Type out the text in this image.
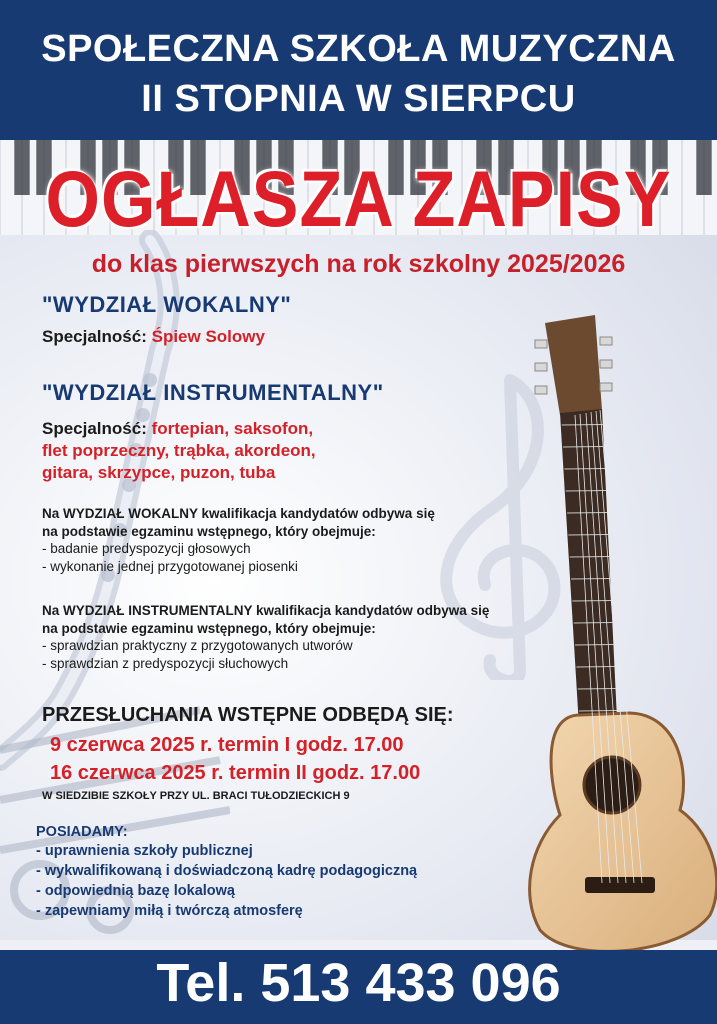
SPOŁECZNA SZKOŁA MUZYCZNA
II STOPNIA W SIERPCU
OGŁASZA ZAPISY
do klas pierwszych na rok szkolny 2025/2026
"WYDZIAŁ WOKALNY"
Specjalność: Śpiew Solowy
"WYDZIAŁ INSTRUMENTALNY"
Specjalność: fortepian, saksofon,
flet poprzeczny, trąbka, akordeon,
gitara, skrzypce, puzon, tuba
Na WYDZIAŁ WOKALNY kwalifikacja kandydatów odbywa się
na podstawie egzaminu wstępnego, który obejmuje:
- badanie predyspozycji głosowych
- wykonanie jednej przygotowanej piosenki
Na WYDZIAŁ INSTRUMENTALNY kwalifikacja kandydatów odbywa się
na podstawie egzaminu wstępnego, który obejmuje:
- sprawdzian praktyczny z przygotowanych utworów
- sprawdzian z predyspozycji słuchowych
PRZESŁUCHANIA WSTĘPNE ODBĘDĄ SIĘ:
9 czerwca 2025 r. termin I godz. 17.00
16 czerwca 2025 r. termin II godz. 17.00
W SIEDZIBIE SZKOŁY PRZY UL. BRACI TUŁODZIECKICH 9
POSIADAMY:
- uprawnienia szkoły publicznej
- wykwalifikowaną i doświadczoną kadrę podagogiczną
- odpowiednią bazę lokalową
- zapewniamy miłą i twórczą atmosferę
Tel. 513 433 096
